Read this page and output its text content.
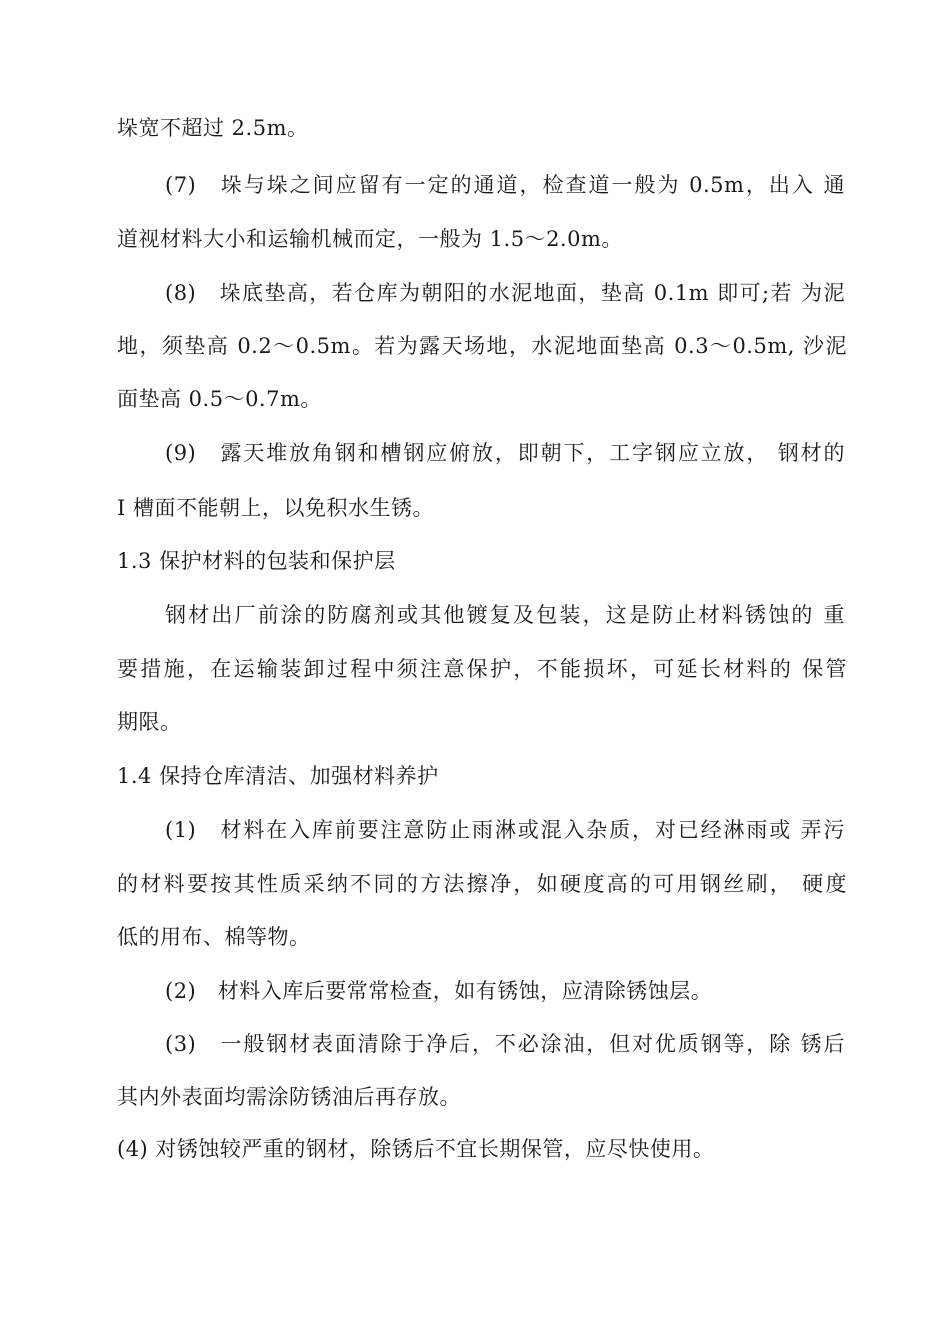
垛宽不超过 2.5m。
(7)　垛与垛之间应留有一定的通道，检查道一般为 0.5m，出入 通
道视材料大小和运输机械而定，一般为 1.5〜2.0m。
(8)　垛底垫高，若仓库为朝阳的水泥地面，垫高 0.1m 即可;若 为泥
地，须垫高 0.2〜0.5m。若为露天场地，水泥地面垫高 0.3〜0.5m, 沙泥
面垫高 0.5〜0.7m。
(9)　露天堆放角钢和槽钢应俯放，即朝下，工字钢应立放， 钢材的
I 槽面不能朝上，以免积水生锈。
1.3 保护材料的包装和保护层
钢材出厂前涂的防腐剂或其他镀复及包装，这是防止材料锈蚀的 重
要措施，在运输装卸过程中须注意保护，不能损坏，可延长材料的 保管
期限。
1.4 保持仓库清洁、加强材料养护
(1)　材料在入库前要注意防止雨淋或混入杂质，对已经淋雨或 弄污
的材料要按其性质采纳不同的方法擦净，如硬度高的可用钢丝刷， 硬度
低的用布、棉等物。
(2)　材料入库后要常常检查，如有锈蚀，应清除锈蚀层。
(3)　一般钢材表面清除于净后，不必涂油，但对优质钢等，除 锈后
其内外表面均需涂防锈油后再存放。
(4) 对锈蚀较严重的钢材，除锈后不宜长期保管，应尽快使用。
